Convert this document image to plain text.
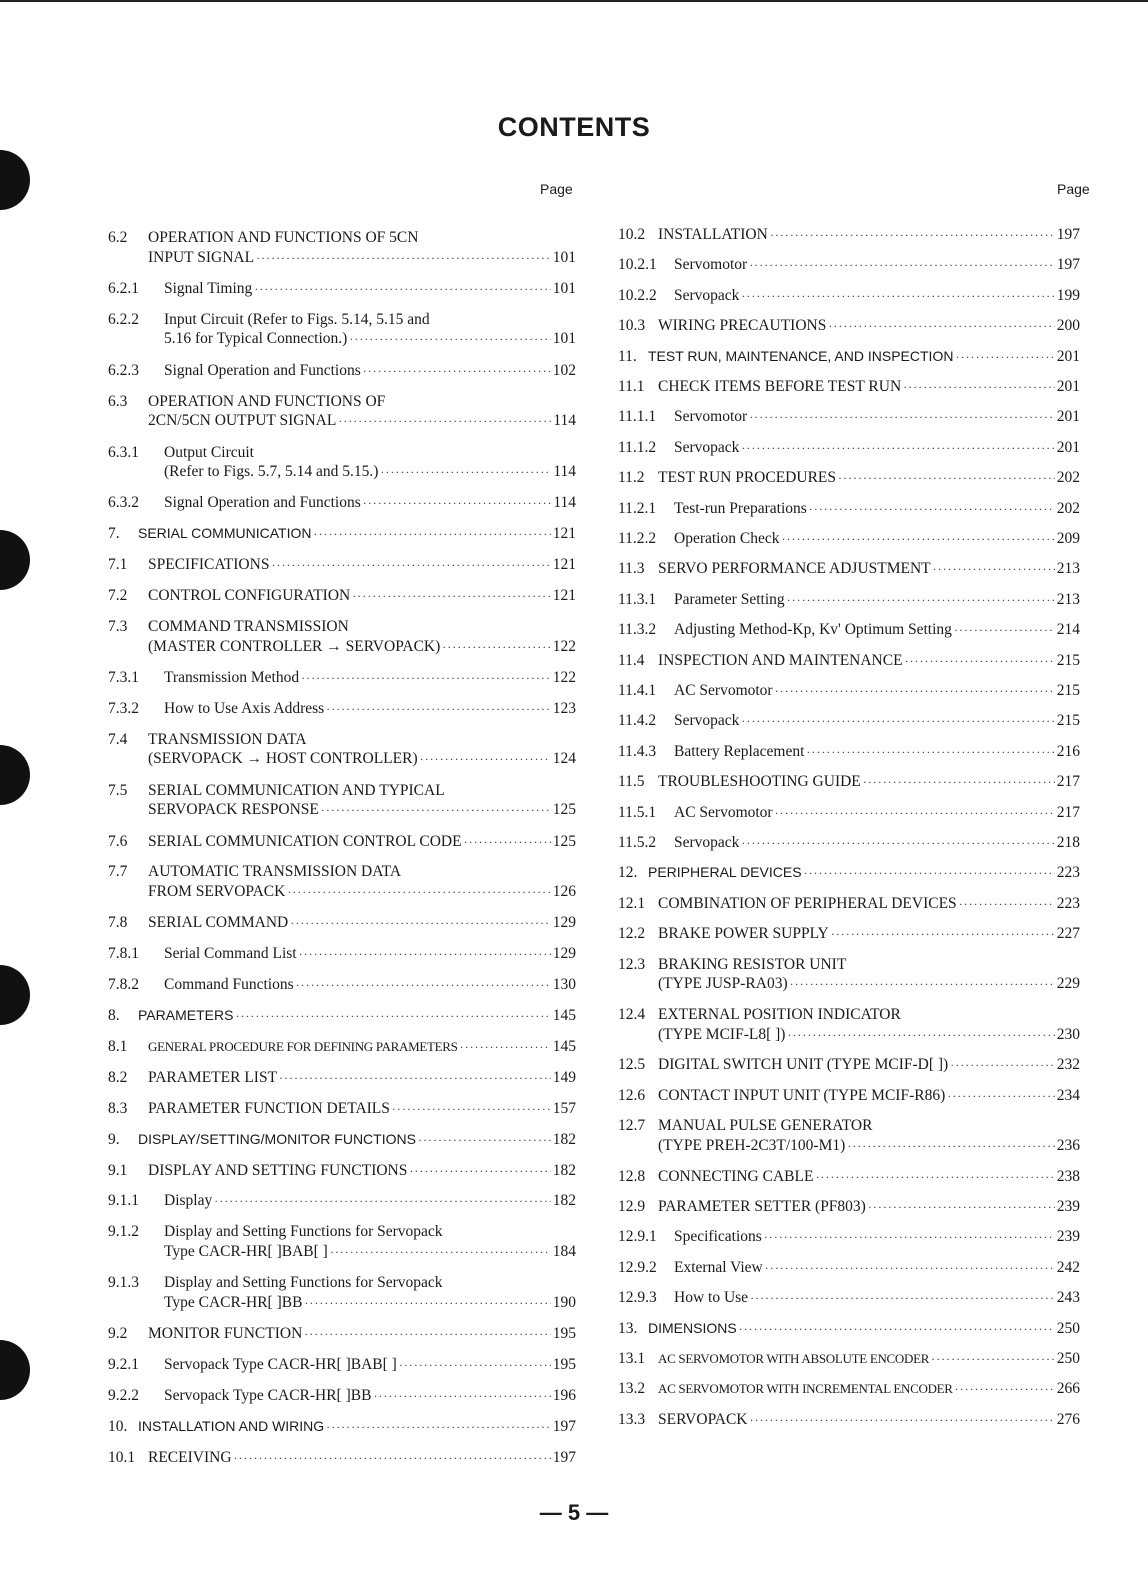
CONTENTS
Page	Page
6.2	OPERATION AND FUNCTIONS OF 5CN
INPUT SIGNAL ·····	101
6.2.1	Signal Timing ·····	101
6.2.2	Input Circuit (Refer to Figs. 5.14, 5.15 and
5.16 for Typical Connection.) ·····	101
6.2.3	Signal Operation and Functions ·····	102
6.3	OPERATION AND FUNCTIONS OF
2CN/5CN OUTPUT SIGNAL ·····	114
6.3.1	Output Circuit
(Refer to Figs. 5.7, 5.14 and 5.15.) ·····	114
6.3.2	Signal Operation and Functions ·····	114
7.	SERIAL COMMUNICATION ·····	121
7.1	SPECIFICATIONS ·····	121
7.2	CONTROL CONFIGURATION ·····	121
7.3	COMMAND TRANSMISSION
(MASTER CONTROLLER → SERVOPACK) ·····	122
7.3.1	Transmission Method ·····	122
7.3.2	How to Use Axis Address ·····	123
7.4	TRANSMISSION DATA
(SERVOPACK → HOST CONTROLLER) ·····	124
7.5	SERIAL COMMUNICATION AND TYPICAL
SERVOPACK RESPONSE ·····	125
7.6	SERIAL COMMUNICATION CONTROL CODE ·····	125
7.7	AUTOMATIC TRANSMISSION DATA
FROM SERVOPACK ·····	126
7.8	SERIAL COMMAND ·····	129
7.8.1	Serial Command List ·····	129
7.8.2	Command Functions ·····	130
8.	PARAMETERS ·····	145
8.1	GENERAL PROCEDURE FOR DEFINING PARAMETERS ·····	145
8.2	PARAMETER LIST ·····	149
8.3	PARAMETER FUNCTION DETAILS ·····	157
9.	DISPLAY/SETTING/MONITOR FUNCTIONS ·····	182
9.1	DISPLAY AND SETTING FUNCTIONS ·····	182
9.1.1	Display ·····	182
9.1.2	Display and Setting Functions for Servopack
Type CACR-HR[ ]BAB[ ] ·····	184
9.1.3	Display and Setting Functions for Servopack
Type CACR-HR[ ]BB ·····	190
9.2	MONITOR FUNCTION ·····	195
9.2.1	Servopack Type CACR-HR[ ]BAB[ ] ·····	195
9.2.2	Servopack Type CACR-HR[ ]BB ·····	196
10. INSTALLATION AND WIRING ·····	197
10.1 RECEIVING ·····	197
10.2 INSTALLATION ·····	197
10.2.1	Servomotor ·····	197
10.2.2	Servopack ·····	199
10.3 WIRING PRECAUTIONS ·····	200
11. TEST RUN, MAINTENANCE, AND INSPECTION ·····	201
11.1 CHECK ITEMS BEFORE TEST RUN ·····	201
11.1.1	Servomotor ·····	201
11.1.2	Servopack ·····	201
11.2 TEST RUN PROCEDURES ·····	202
11.2.1	Test-run Preparations ·····	202
11.2.2	Operation Check ·····	209
11.3 SERVO PERFORMANCE ADJUSTMENT ·····	213
11.3.1	Parameter Setting ·····	213
11.3.2	Adjusting Method-Kp, Kv' Optimum Setting ·····	214
11.4 INSPECTION AND MAINTENANCE ·····	215
11.4.1	AC Servomotor ·····	215
11.4.2	Servopack ·····	215
11.4.3	Battery Replacement ·····	216
11.5 TROUBLESHOOTING GUIDE ·····	217
11.5.1	AC Servomotor ·····	217
11.5.2	Servopack ·····	218
12. PERIPHERAL DEVICES ·····	223
12.1 COMBINATION OF PERIPHERAL DEVICES ·····	223
12.2 BRAKE POWER SUPPLY ·····	227
12.3 BRAKING RESISTOR UNIT
(TYPE JUSP-RA03) ·····	229
12.4 EXTERNAL POSITION INDICATOR
(TYPE MCIF-L8[ ]) ·····	230
12.5 DIGITAL SWITCH UNIT (TYPE MCIF-D[ ]) ·····	232
12.6 CONTACT INPUT UNIT (TYPE MCIF-R86) ·····	234
12.7 MANUAL PULSE GENERATOR
(TYPE PREH-2C3T/100-M1) ·····	236
12.8 CONNECTING CABLE ·····	238
12.9 PARAMETER SETTER (PF803) ·····	239
12.9.1	Specifications ·····	239
12.9.2	External View ·····	242
12.9.3	How to Use ·····	243
13. DIMENSIONS ·····	250
13.1 AC SERVOMOTOR WITH ABSOLUTE ENCODER ·····	250
13.2 AC SERVOMOTOR WITH INCREMENTAL ENCODER ·····	266
13.3 SERVOPACK ·····	276
— 5 —
